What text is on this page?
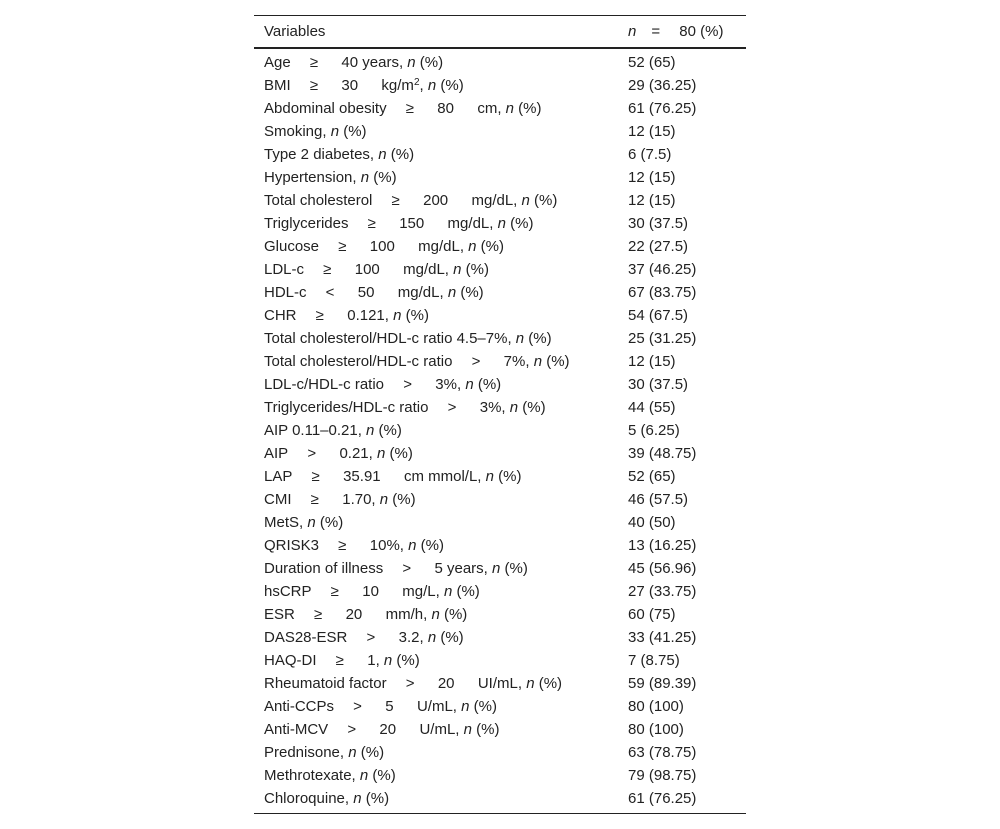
Variables	n =  80 (%)
Age  ≥   40 years, n (%)	52 (65)
BMI  ≥   30   $kg/m^2$, n (%)	29 (36.25)
Abdominal obesity  ≥   80   cm, n (%)	61 (76.25)
Smoking, n (%)	12 (15)
Type 2 diabetes, n (%)	6 (7.5)
Hypertension, n (%)	12 (15)
Total cholesterol  ≥   200   mg/dL, n (%)	12 (15)
Triglycerides  ≥   150   mg/dL, n (%)	30 (37.5)
Glucose  ≥   100   mg/dL, n (%)	22 (27.5)
LDL-c  ≥   100   mg/dL, n (%)	37 (46.25)
HDL-c  <   50   mg/dL, n (%)	67 (83.75)
CHR  ≥   0.121, n (%)	54 (67.5)
Total cholesterol/HDL-c ratio 4.5–7%, n (%)	25 (31.25)
Total cholesterol/HDL-c ratio  >   7%, n (%)	12 (15)
LDL-c/HDL-c ratio  >   3%, n (%)	30 (37.5)
Triglycerides/HDL-c ratio  >   3%, n (%)	44 (55)
AIP 0.11–0.21, n (%)	5 (6.25)
AIP  >   0.21, n (%)	39 (48.75)
LAP  ≥   35.91   cm mmol/L, n (%)	52 (65)
CMI  ≥   1.70, n (%)	46 (57.5)
MetS, n (%)	40 (50)
QRISK3  ≥   10%, n (%)	13 (16.25)
Duration of illness  >   5 years, n (%)	45 (56.96)
hsCRP  ≥   10   mg/L, n (%)	27 (33.75)
ESR  ≥   20   mm/h, n (%)	60 (75)
DAS28-ESR  >   3.2, n (%)	33 (41.25)
HAQ-DI  ≥   1, n (%)	7 (8.75)
Rheumatoid factor  >   20   UI/mL, n (%)	59 (89.39)
Anti-CCPs  >   5   U/mL, n (%)	80 (100)
Anti-MCV  >   20   U/mL, n (%)	80 (100)
Prednisone, n (%)	63 (78.75)
Methrotexate, n (%)	79 (98.75)
Chloroquine, n (%)	61 (76.25)
